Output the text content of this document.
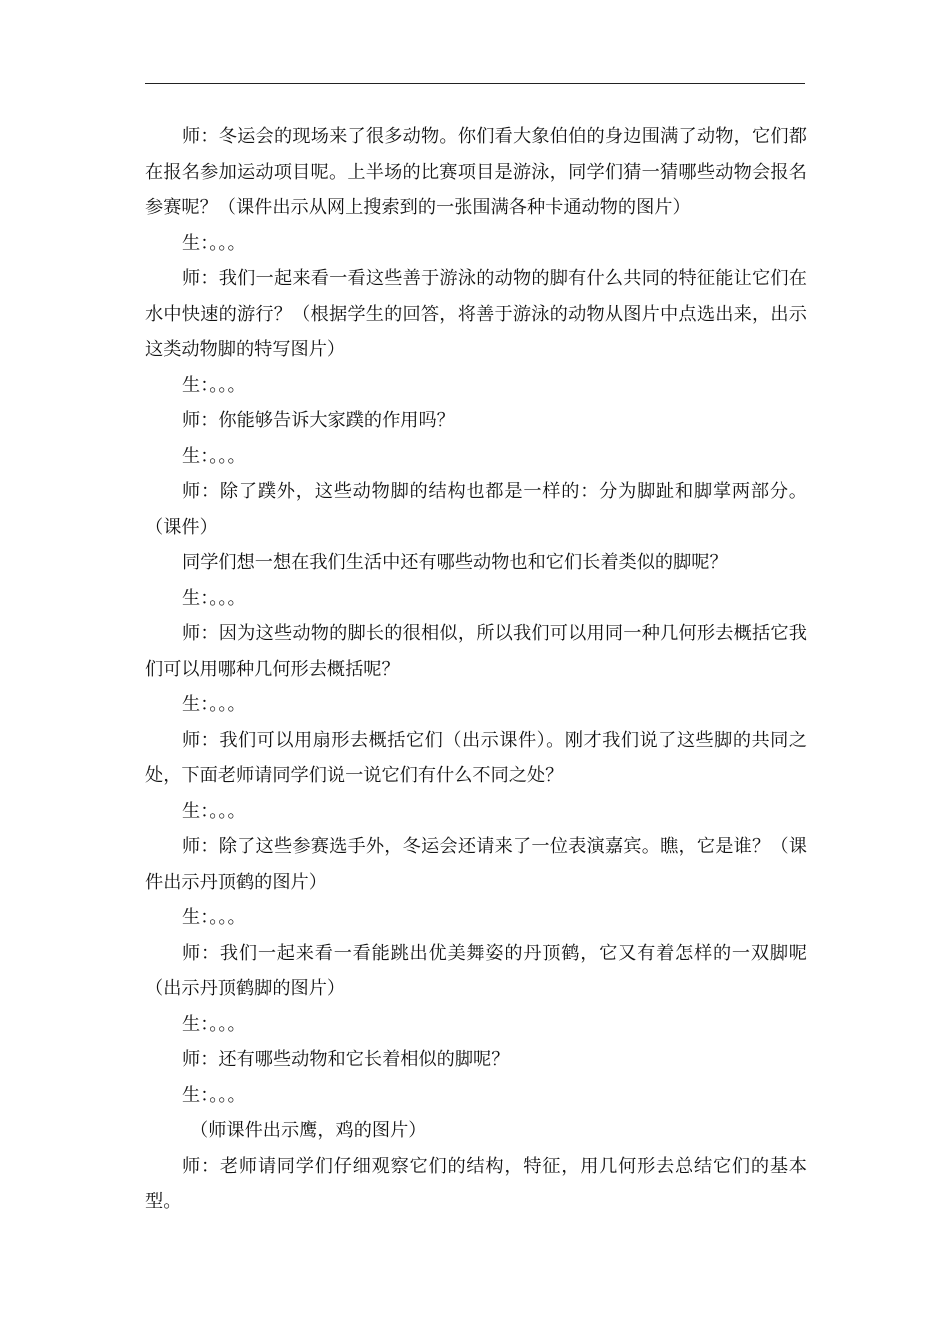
师：冬运会的现场来了很多动物。你们看大象伯伯的身边围满了动物，它们都在报名参加运动项目呢。上半场的比赛项目是游泳，同学们猜一猜哪些动物会报名参赛呢？（课件出示从网上搜索到的一张围满各种卡通动物的图片）

生：。。。

师：我们一起来看一看这些善于游泳的动物的脚有什么共同的特征能让它们在水中快速的游行？（根据学生的回答，将善于游泳的动物从图片中点选出来，出示这类动物脚的特写图片）

生：。。。

师：你能够告诉大家蹼的作用吗？

生：。。。

师：除了蹼外，这些动物脚的结构也都是一样的：分为脚趾和脚掌两部分。（课件）

同学们想一想在我们生活中还有哪些动物也和它们长着类似的脚呢？

生：。。。

师：因为这些动物的脚长的很相似，所以我们可以用同一种几何形去概括它我们可以用哪种几何形去概括呢？

生：。。。

师：我们可以用扇形去概括它们（出示课件）。刚才我们说了这些脚的共同之处，下面老师请同学们说一说它们有什么不同之处？

生：。。。

师：除了这些参赛选手外，冬运会还请来了一位表演嘉宾。瞧，它是谁？（课件出示丹顶鹤的图片）

生：。。。

师：我们一起来看一看能跳出优美舞姿的丹顶鹤，它又有着怎样的一双脚呢（出示丹顶鹤脚的图片）

生：。。。

师：还有哪些动物和它长着相似的脚呢？

生：。。。

（师课件出示鹰，鸡的图片）

师：老师请同学们仔细观察它们的结构，特征，用几何形去总结它们的基本型。
